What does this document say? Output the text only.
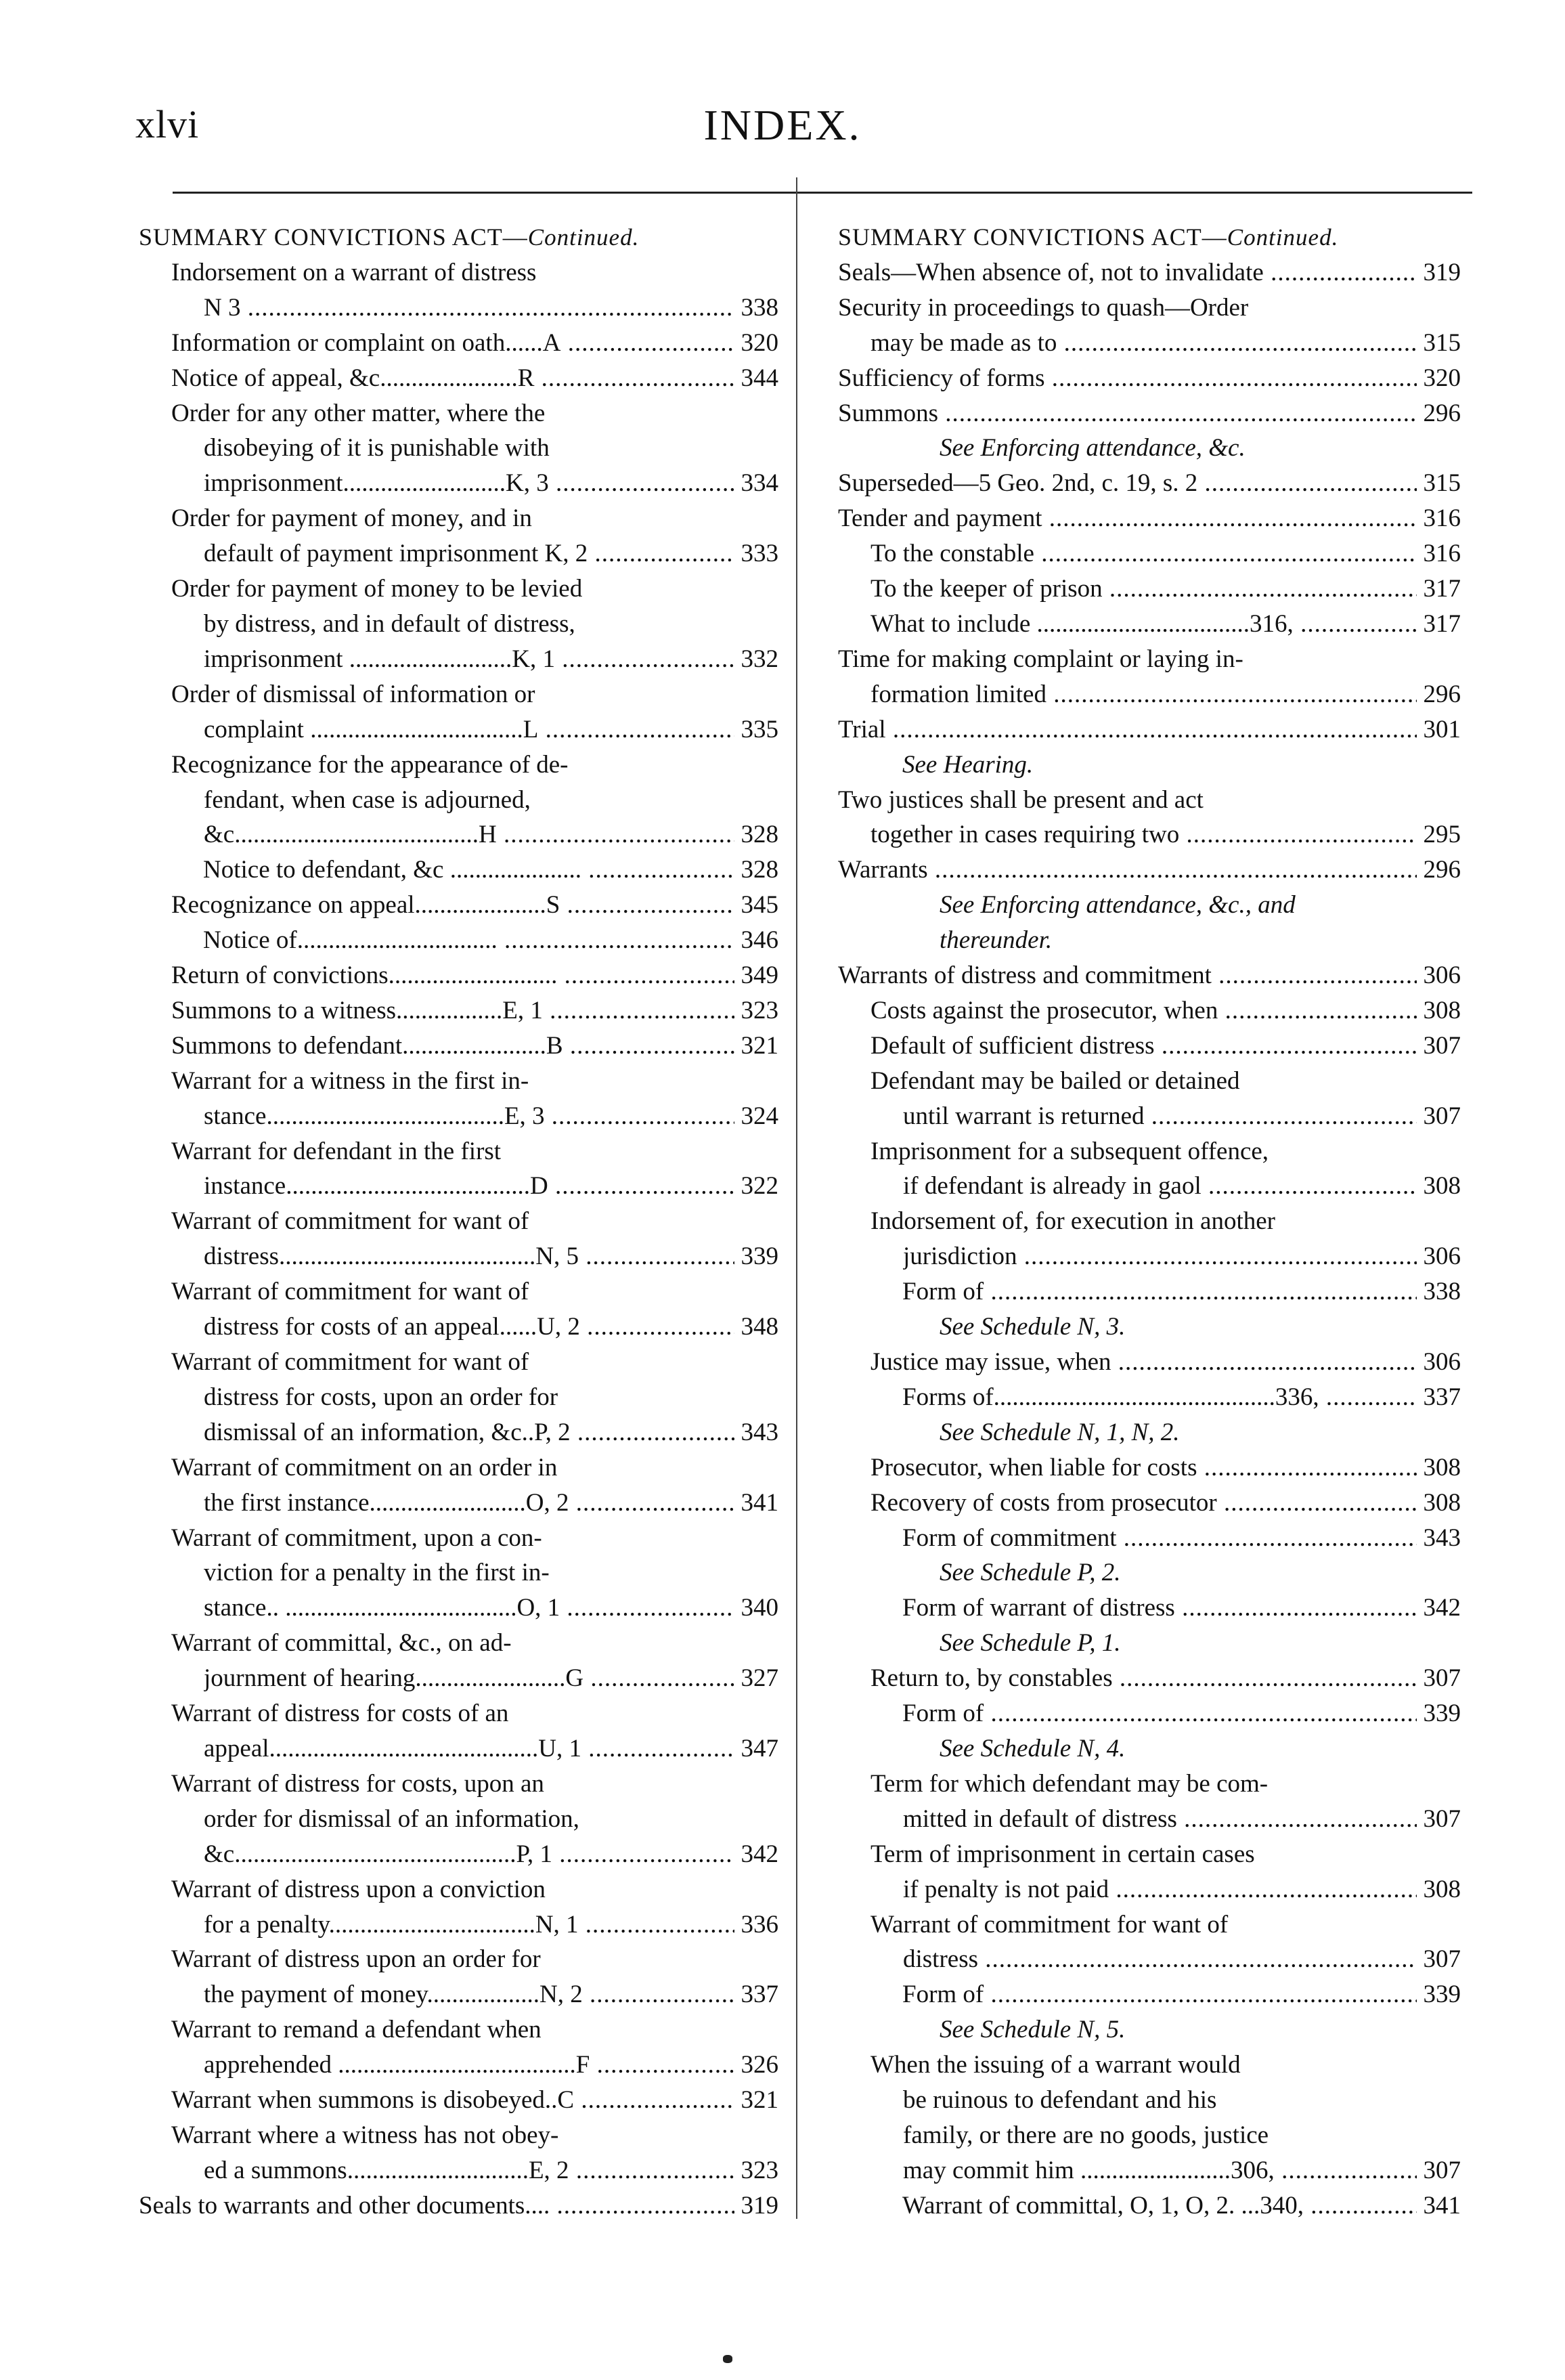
xlvi	INDEX.
SUMMARY CONVICTIONS ACT—Continued.
Indorsement on a warrant of distress
N 3 .....	338
Information or complaint on oath......A .....	320
Notice of appeal, &c......................R .....	344
Order for any other matter, where the
disobeying of it is punishable with
imprisonment..........................K, 3 .....	334
Order for payment of money, and in
default of payment imprisonment K, 2 .....	333
Order for payment of money to be levied
by distress, and in default of distress,
imprisonment ..........................K, 1 .....	332
Order of dismissal of information or
complaint ..................................L .....	335
Recognizance for the appearance of de-
fendant, when case is adjourned,
&c.......................................H .....	328
Notice to defendant, &c ..................... .....	328
Recognizance on appeal.....................S .....	345
Notice of................................ .....	346
Return of convictions........................... .....	349
Summons to a witness.................E, 1 .....	323
Summons to defendant.......................B .....	321
Warrant for a witness in the first in-
stance......................................E, 3 .....	324
Warrant for defendant in the first
instance.......................................D .....	322
Warrant of commitment for want of
distress.........................................N, 5 .....	339
Warrant of commitment for want of
distress for costs of an appeal......U, 2 .....	348
Warrant of commitment for want of
distress for costs, upon an order for
dismissal of an information, &c..P, 2 .....	343
Warrant of commitment on an order in
the first instance.........................O, 2 .....	341
Warrant of commitment, upon a con-
viction for a penalty in the first in-
stance.. .....................................O, 1 .....	340
Warrant of committal, &c., on ad-
journment of hearing........................G .....	327
Warrant of distress for costs of an
appeal...........................................U, 1 .....	347
Warrant of distress for costs, upon an
order for dismissal of an information,
&c.............................................P, 1 .....	342
Warrant of distress upon a conviction
for a penalty.................................N, 1 .....	336
Warrant of distress upon an order for
the payment of money..................N, 2 .....	337
Warrant to remand a defendant when
apprehended ......................................F .....	326
Warrant when summons is disobeyed..C .....	321
Warrant where a witness has not obey-
ed a summons.............................E, 2 .....	323
Seals to warrants and other documents.... .....	319
SUMMARY CONVICTIONS ACT—Continued.
Seals—When absence of, not to invalidate .....	319
Security in proceedings to quash—Order
may be made as to .....	315
Sufficiency of forms .....	320
Summons .....	296
See Enforcing attendance, &c.
Superseded—5 Geo. 2nd, c. 19, s. 2 .....	315
Tender and payment .....	316
To the constable .....	316
To the keeper of prison .....	317
What to include ..................................316, .....	317
Time for making complaint or laying in-
formation limited .....	296
Trial .....	301
See Hearing.
Two justices shall be present and act
together in cases requiring two .....	295
Warrants .....	296
See Enforcing attendance, &c., and
thereunder.
Warrants of distress and commitment .....	306
Costs against the prosecutor, when .....	308
Default of sufficient distress .....	307
Defendant may be bailed or detained
until warrant is returned .....	307
Imprisonment for a subsequent offence,
if defendant is already in gaol .....	308
Indorsement of, for execution in another
jurisdiction .....	306
Form of .....	338
See Schedule N, 3.
Justice may issue, when .....	306
Forms of.............................................336, .....	337
See Schedule N, 1, N, 2.
Prosecutor, when liable for costs .....	308
Recovery of costs from prosecutor .....	308
Form of commitment .....	343
See Schedule P, 2.
Form of warrant of distress .....	342
See Schedule P, 1.
Return to, by constables .....	307
Form of .....	339
See Schedule N, 4.
Term for which defendant may be com-
mitted in default of distress .....	307
Term of imprisonment in certain cases
if penalty is not paid .....	308
Warrant of commitment for want of
distress .....	307
Form of .....	339
See Schedule N, 5.
When the issuing of a warrant would
be ruinous to defendant and his
family, or there are no goods, justice
may commit him ........................306, .....	307
Warrant of committal, O, 1, O, 2. ...340, .....	341
